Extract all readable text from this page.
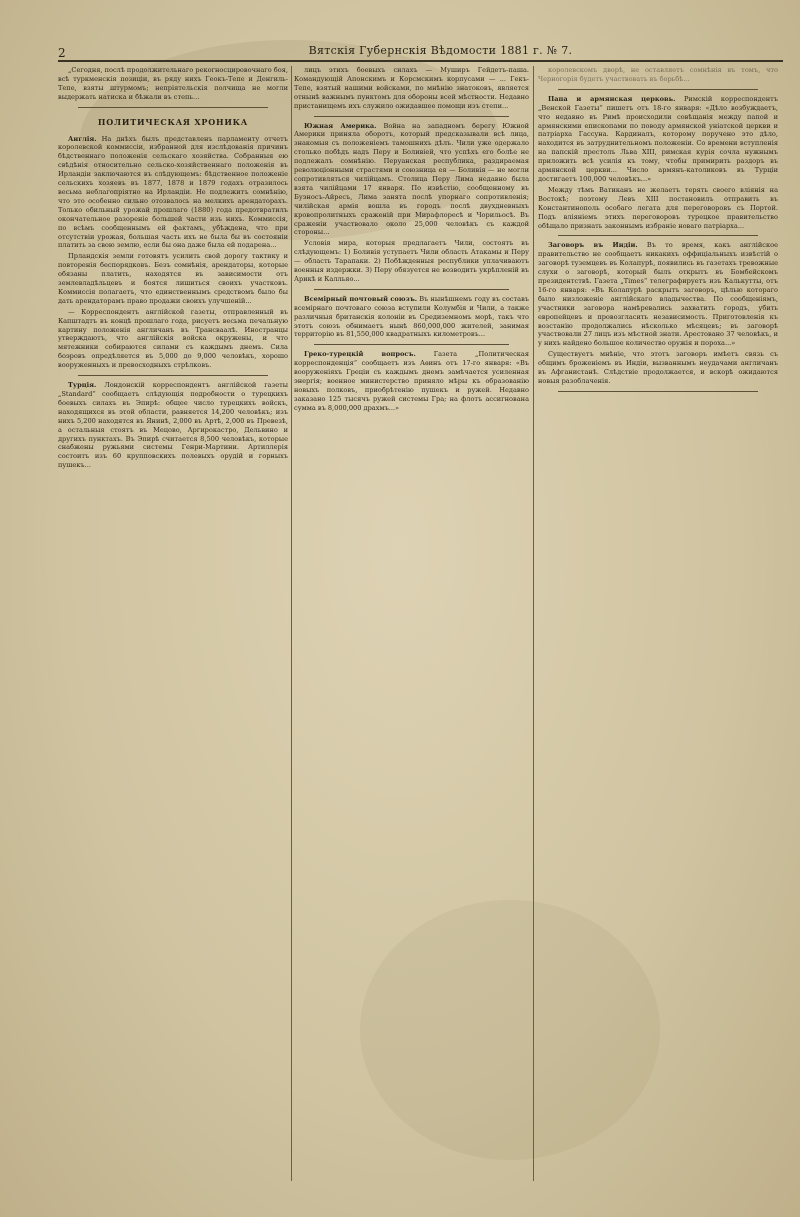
2	Вятскiя Губернскiя Вѣдомости 1881 г. № 7.

„Сегодня, послѣ продолжительнаго рекогносцировочнаго боя, всѣ туркменскiя позицiи, въ ряду нихъ Геокъ-Тепе и Денгиль-Тепе, взяты штурмомъ; непрiятельскiя полчища не могли выдержать натиска и бѣжали въ степь...

ПОЛИТИЧЕСКАЯ ХРОНИКА

Англiя. На днѣхъ былъ представленъ парламенту отчетъ королевской коммиссiи, избранной для изслѣдованiя причинъ бѣдственнаго положенiя сельскаго хозяйства. Собранныя ею свѣдѣнiя относительно сельско-хозяйственнаго положенiя въ Ирландiи заключаются въ слѣдующемъ: бѣдственное положенiе сельскихъ хозяевъ въ 1877, 1878 и 1879 годахъ отразилось весьма неблагопрiятно на Ирландiи. Не подлежитъ сомнѣнiю, что это особенно сильно отозвалось на мелкихъ арендаторахъ. Только обильный урожай прошлаго (1880) года предотвратилъ окончательное разоренiе большей части изъ нихъ. Коммиссiя, по всѣмъ сообщеннымъ ей фактамъ, убѣждена, что при отсутствiи урожая, большая часть ихъ не была бы въ состоянiи платить за свою землю, если бы она даже была ей подарена...

Прландскiя земли готовятъ усилить свой дорогу тактику и повторенiя беспорядковъ. Безъ сомнѣнiя, арендаторы, которые обязаны платить, находятся въ зависимости отъ землевладѣльцевъ и боятся лишиться своихъ участковъ. Коммиссiя полагаетъ, что единственнымъ средствомъ было бы дать арендаторамъ право продажи своихъ улучшенiй...

— Корреспондентъ англiйской газеты, отправленный въ Капштадтъ въ концѣ прошлаго года, рисуетъ весьма печальную картину положенiя англичанъ въ Трансваалѣ. Иностранцы утверждаютъ, что англiйскiя войска окружены, и что мятежники собираются силами съ каждымъ днемъ. Сила боэровъ опредѣляется въ 5,000 до 9,000 человѣкъ, хорошо вооруженныхъ и превосходныхъ стрѣлковъ.

Турцiя. Лондонскiй корреспондентъ англiйской газеты „Standard“ сообщаетъ слѣдующiя подробности о турецкихъ боевыхъ силахъ въ Эпирѣ: общее число турецкихъ войскъ, находящихся въ этой области, равняется 14,200 человѣкъ; изъ нихъ 5,200 находятся въ Янинѣ, 2,000 въ Артѣ, 2,000 въ Превезѣ, а остальныя стоятъ въ Мецово, Аргирокастро, Дельвино и другихъ пунктахъ. Въ Эпирѣ считается 8,500 человѣкъ, которые снабжены ружьями системы Генри-Мартини. Артиллерiя состоитъ изъ 60 крупповскихъ полевыхъ орудiй и горныхъ пушекъ...

лицъ этихъ боевыхъ силахъ — Муширъ Гейдетъ-паша. Командующiй Апонскимъ и Корсмскимъ корпусами — ... Гекъ-Тепе, взятый нашими войсками, по мнѣнiю знатоковъ, является отнынѣ важнымъ пунктомъ для обороны всей мѣстности. Недавно пристанищемъ ихъ служило ожидавшее помощи изъ степи...

Южная Америка. Война на западномъ берегу Южной Америки приняла оборотъ, который предсказывали всѣ лица, знакомыя съ положенiемъ тамошнихъ дѣлъ. Чили уже одержало столько побѣдъ надъ Перу и Боливiей, что успѣхъ его болѣе не подлежалъ сомнѣнiю. Перуанская республика, раздираемая революцiонными страстями и союзница ея — Боливiя — не могли сопротивляться чилiйцамъ. Столица Перу Лима недавно была взята чилiйцами 17 января. По извѣстiю, сообщенному въ Буэносъ-Айресъ, Лима занята послѣ упорнаго сопротивленiя; чилiйская армiя вошла въ городъ послѣ двухдневныхъ кровопролитныхъ сраженiй при Мирафлоресѣ и Чорильосѣ. Въ сраженiи участвовало около 25,000 человѣкъ съ каждой стороны...

Условiя мира, которыя предлагаетъ Чили, состоятъ въ слѣдующемъ: 1) Боливiя уступаетъ Чили область Атакамы и Перу — область Тарапаки. 2) Побѣжденныя республики уплачиваютъ военныя издержки. 3) Перу обязуется не возводить укрѣпленiй въ Арикѣ и Калльяо...

Всемiрный почтовый союзъ. Въ нынѣшнемъ году въ составъ всемiрнаго почтоваго союза вступили Колумбiя и Чили, а также различныя британскiя колонiи въ Средиземномъ морѣ, такъ что этотъ союзъ обнимаетъ нынѣ 860,000,000 жителей, занимая территорiю въ 81,550,000 квадратныхъ километровъ...

Греко-турецкiй вопросъ.	Газета „Политическая корреспонденцiя“ сообщаетъ изъ Аѳинъ отъ 17-го января: «Въ вооруженiяхъ Грецiи съ каждымъ днемъ замѣчается усиленная энергiя; военное министерство приняло мѣры къ образованiю новыхъ полковъ, приобрѣтенiю пушекъ и ружей. Недавно заказано 125 тысячъ ружей системы Гра; на флотъ ассигнована сумма въ 8,000,000 драхмъ...»

королевскомъ дворѣ, не оставляетъ сомнѣнiя въ томъ, что Черногорiя будетъ участвовать въ борьбѣ...

Папа и армянская церковь. Римскiй корреспондентъ „Венской Газеты“ пишетъ отъ 18-го января: «Дѣло возбуждаетъ, что недавно въ Римѣ происходили совѣщанiя между папой и армянскими епископами по поводу армянской унiатской церкви и патрiарха Гассуна. Кардиналъ, которому поручено это дѣло, находится въ затруднительномъ положенiи. Со времени вступленiя на папскiй престолъ Льва XIII, римская курiя сочла нужнымъ приложить всѣ усилiя къ тому, чтобы примирить раздоръ въ армянской церкви... Число армянъ-католиковъ въ Турцiи достигаетъ 100,000 человѣкъ...»

Между тѣмъ Ватиканъ не желаетъ терять своего влiянiя на Востокѣ; поэтому Левъ XIII постановилъ отправить въ Константинополь особаго легата для переговоровъ съ Портой. Подъ влiянiемъ этихъ переговоровъ турецкое правительство обѣщало признать законнымъ избранiе новаго патрiарха...

Заговоръ въ Индiи. Въ то время, какъ англiйское правительство не сообщаетъ никакихъ оффицiальныхъ извѣстiй о заговорѣ туземцевъ въ Колапурѣ, появились въ газетахъ тревожные слухи о заговорѣ, который былъ открытъ въ Бомбейскомъ президентствѣ. Газета „Times“ телеграфируетъ изъ Калькутты, отъ 16-го января: «Въ Колапурѣ раскрытъ заговоръ, цѣлью котораго было низложенiе англiйскаго владычества. По сообщенiямъ, участники заговора намѣревались захватить городъ, убить европейцевъ и провозгласить независимость. Приготовленiя къ возстанiю продолжались нѣсколько мѣсяцевъ; въ заговорѣ участвовали 27 лицъ изъ мѣстной знати. Арестовано 37 человѣкъ, и у нихъ найдено большое количество оружiя и пороха...»

Существуетъ мнѣнiе, что этотъ заговоръ имѣетъ связь съ общимъ броженiемъ въ Индiи, вызваннымъ неудачами англичанъ въ Афганистанѣ. Слѣдствiе продолжается, и вскорѣ ожидаются новыя разоблаченiя.
